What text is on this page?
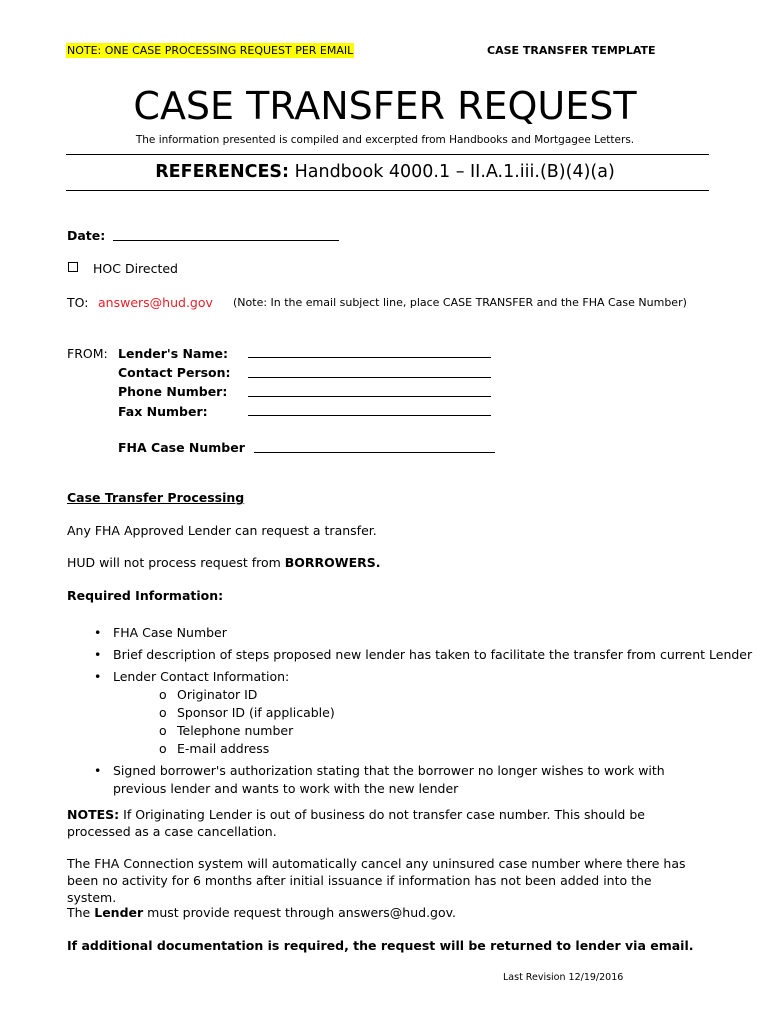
NOTE: ONE CASE PROCESSING REQUEST PER EMAIL	CASE TRANSFER TEMPLATE
CASE TRANSFER REQUEST
The information presented is compiled and excerpted from Handbooks and Mortgagee Letters.
REFERENCES: Handbook 4000.1 – II.A.1.iii.(B)(4)(a)
Date:
HOC Directed
TO: answers@hud.gov (Note: In the email subject line, place CASE TRANSFER and the FHA Case Number)
FROM: Lender's Name:
Contact Person:
Phone Number:
Fax Number:
FHA Case Number
Case Transfer Processing
Any FHA Approved Lender can request a transfer.
HUD will not process request from BORROWERS.
Required Information:
• FHA Case Number
• Brief description of steps proposed new lender has taken to facilitate the transfer from current Lender
• Lender Contact Information:
o Originator ID
o Sponsor ID (if applicable)
o Telephone number
o E-mail address
• Signed borrower's authorization stating that the borrower no longer wishes to work with previous lender and wants to work with the new lender
NOTES: If Originating Lender is out of business do not transfer case number. This should be processed as a case cancellation.
The FHA Connection system will automatically cancel any uninsured case number where there has been no activity for 6 months after initial issuance if information has not been added into the system.
The Lender must provide request through answers@hud.gov.
If additional documentation is required, the request will be returned to lender via email.
Last Revision 12/19/2016
